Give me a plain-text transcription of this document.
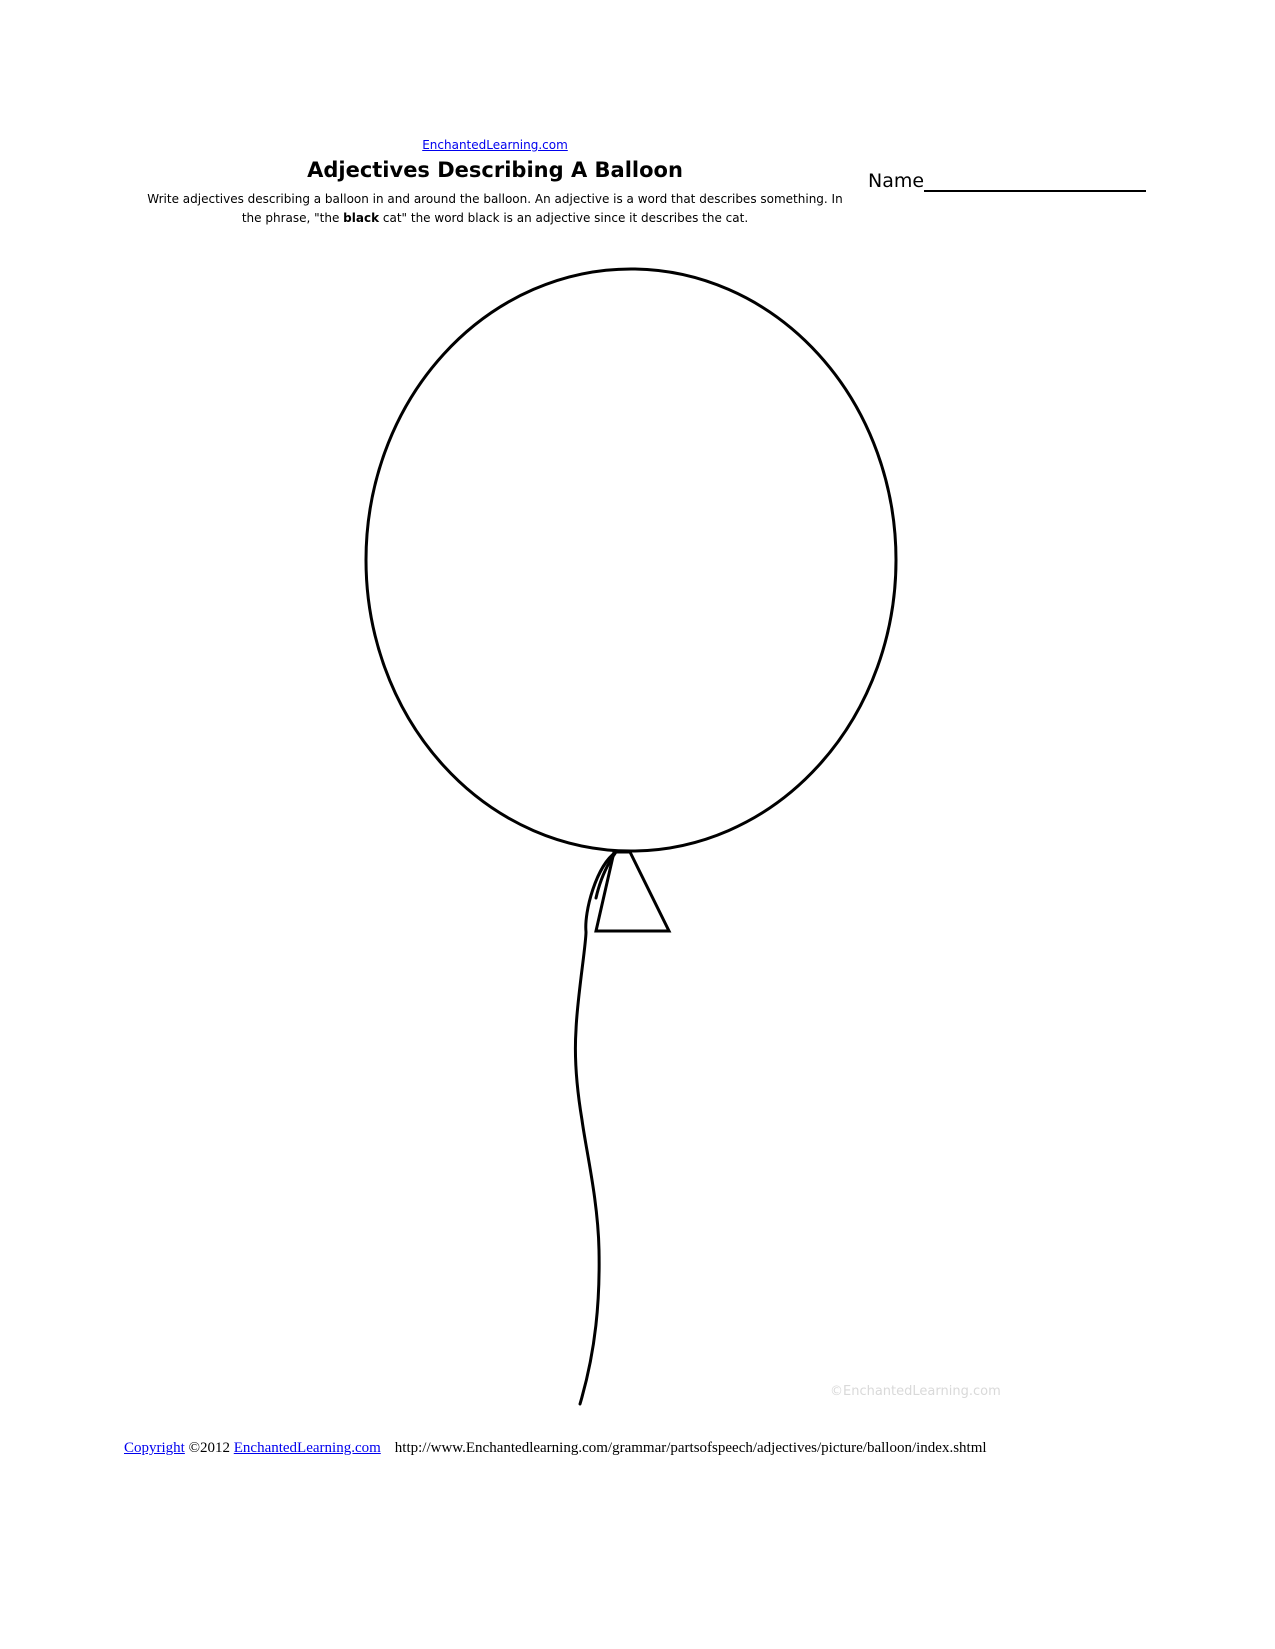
EnchantedLearning.com
Adjectives Describing A Balloon

Write adjectives describing a balloon in and around the balloon. An adjective is a word that describes something. In the phrase, "the black cat" the word black is an adjective since it describes the cat.

Name
©EnchantedLearning.com
Copyright ©2012 EnchantedLearning.com http://www.Enchantedlearning.com/grammar/partsofspeech/adjectives/picture/balloon/index.shtml
